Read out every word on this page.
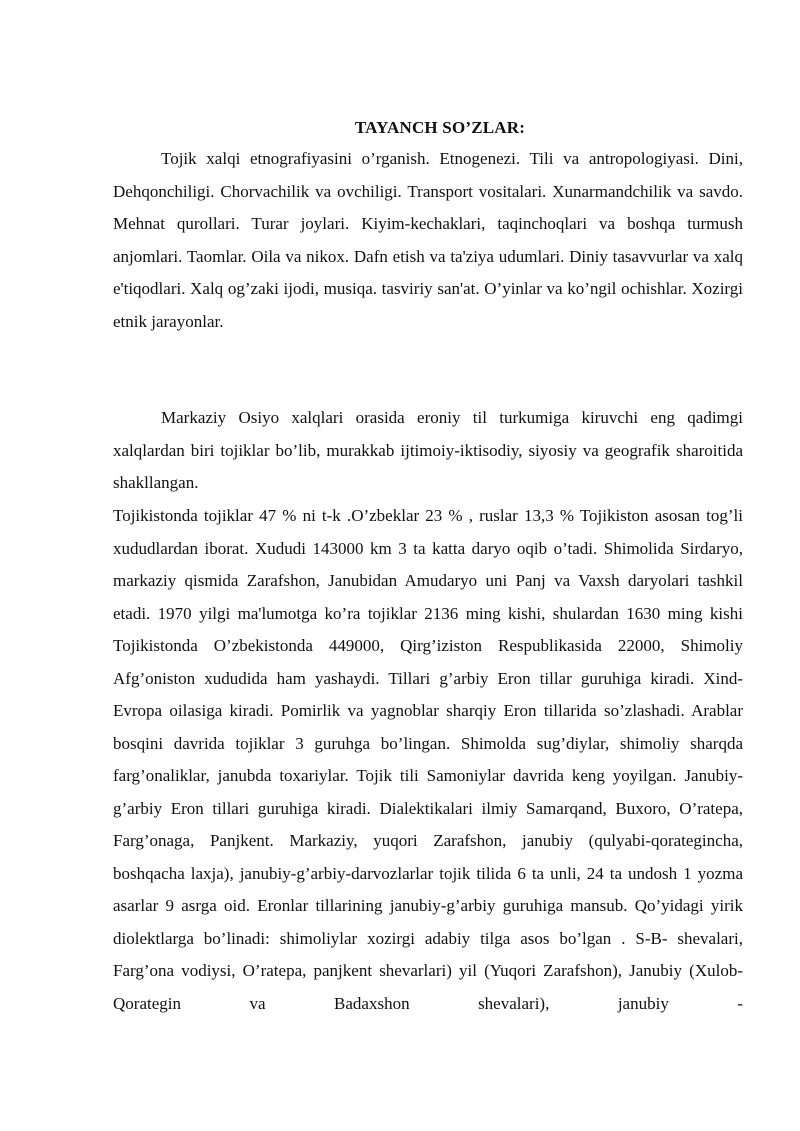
TAYANCH SO’ZLAR:

Tojik xalqi etnografiyasini o’rganish. Etnogenezi. Tili va antropologiyasi. Dini, Dehqonchiligi. Chorvachilik va ovchiligi. Transport vositalari. Xunarmandchilik va savdo. Mehnat qurollari. Turar joylari. Kiyim-kechaklari, taqinchoqlari va boshqa turmush anjomlari. Taomlar. Oila va nikox. Dafn etish va ta'ziya udumlari. Diniy tasavvurlar va xalq e'tiqodlari. Xalq og’zaki ijodi, musiqa. tasviriy san'at. O’yinlar va ko’ngil ochishlar. Xozirgi etnik jarayonlar.

Markaziy Osiyo xalqlari orasida eroniy til turkumiga kiruvchi eng qadimgi xalqlardan biri tojiklar bo’lib, murakkab ijtimoiy-iktisodiy, siyosiy va geografik sharoitida shakllangan.

Tojikistonda tojiklar 47 % ni t-k .O’zbeklar 23 % , ruslar 13,3 % Tojikiston asosan tog’li xududlardan iborat. Xududi 143000 km 3 ta katta daryo oqib o’tadi. Shimolida Sirdaryo, markaziy qismida Zarafshon, Janubidan Amudaryo uni Panj va Vaxsh daryolari tashkil etadi. 1970 yilgi ma'lumotga ko’ra tojiklar 2136 ming kishi, shulardan 1630 ming kishi Tojikistonda O’zbekistonda 449000, Qirg’iziston Respublikasida 22000, Shimoliy Afg’oniston xududida ham yashaydi. Tillari g’arbiy Eron tillar guruhiga kiradi. Xind-Evropa oilasiga kiradi. Pomirlik va yagnoblar sharqiy Eron tillarida so’zlashadi. Arablar bosqini davrida tojiklar 3 guruhga bo’lingan. Shimolda sug’diylar, shimoliy sharqda farg’onaliklar, janubda toxariylar. Tojik tili Samoniylar davrida keng yoyilgan. Janubiy-g’arbiy Eron tillari guruhiga kiradi. Dialektikalari ilmiy Samarqand, Buxoro, O’ratepa, Farg’onaga, Panjkent. Markaziy, yuqori Zarafshon, janubiy (qulyabi-qorategincha, boshqacha laxja), janubiy-g’arbiy-darvozlarlar tojik tilida 6 ta unli, 24 ta undosh 1 yozma asarlar 9 asrga oid. Eronlar tillarining janubiy-g’arbiy guruhiga mansub. Qo’yidagi yirik diolektlarga bo’linadi: shimoliylar xozirgi adabiy tilga asos bo’lgan . S-B- shevalari, Farg’ona vodiysi, O’ratepa, panjkent shevarlari) yil (Yuqori Zarafshon), Janubiy (Xulob-Qorategin va Badaxshon shevalari), janubiy -
